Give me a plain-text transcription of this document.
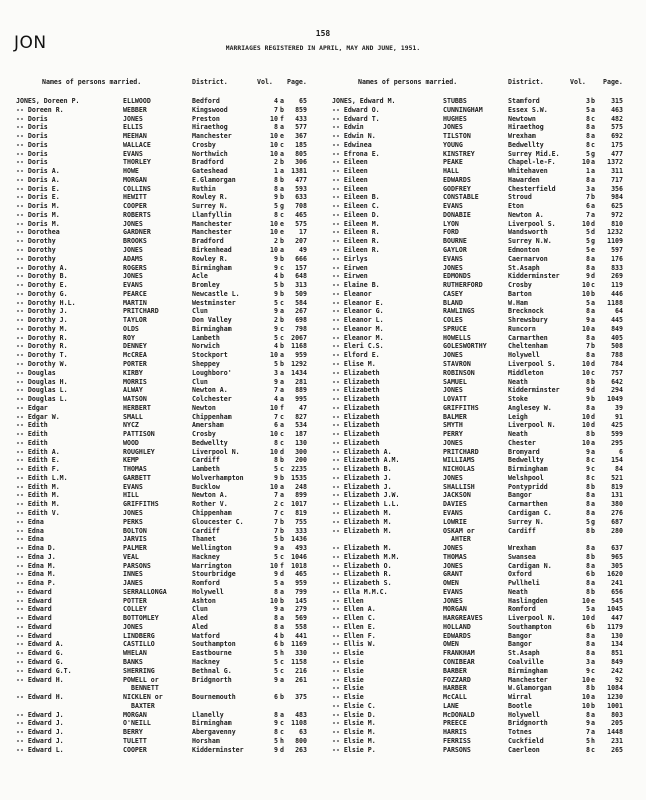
JON	158
MARRIAGES REGISTERED IN APRIL, MAY AND JUNE, 1951.
Names of persons married.	District.	Vol. Page.
JONES, Doreen P.	ELLWOOD	Bedford	4 a	65
-- Doreen R.	WEBBER	Kingswood	7 b	859
-- Doris	JONES	Preston	10 f	433
-- Doris	ELLIS	Hiraethog	8 a	577
-- Doris	MEEHAN	Manchester	10 e	367
-- Doris	WALLACE	Crosby	10 c	185
-- Doris	EVANS	Northwich	10 a	805
-- Doris	THORLEY	Bradford	2 b	306
-- Doris A.	HOWE	Gateshead	1 a	1381
-- Doris A.	MORGAN	E.Glamorgan	8 b	477
-- Doris E.	COLLINS	Ruthin	8 a	593
-- Doris E.	HEWITT	Rowley R.	9 b	633
-- Doris M.	COOPER	Surrey N.	5 g	708
-- Doris M.	ROBERTS	Llanfyllin	8 c	465
-- Doris M.	JONES	Manchester	10 e	575
-- Dorothea	GARDNER	Manchester	10 e	17
-- Dorothy	BROOKS	Bradford	2 b	207
-- Dorothy	JONES	Birkenhead	10 a	49
-- Dorothy	ADAMS	Rowley R.	9 b	666
-- Dorothy A.	ROGERS	Birmingham	9 c	157
-- Dorothy B.	JONES	Acle	4 b	648
-- Dorothy E.	EVANS	Bromley	5 b	313
-- Dorothy G.	PEARCE	Newcastle L.	9 b	509
-- Dorothy H.L.	MARTIN	Westminster	5 c	584
-- Dorothy J.	PRITCHARD	Clun	9 a	267
-- Dorothy J.	TAYLOR	Don Valley	2 b	698
-- Dorothy M.	OLDS	Birmingham	9 c	798
-- Dorothy R.	ROY	Lambeth	5 c	2067
-- Dorothy R.	DENNEY	Norwich	4 b	1168
-- Dorothy T.	McCREA	Stockport	10 a	959
-- Dorothy W.	PORTER	Sheppey	5 b	1292
-- Douglas	KIRBY	Loughboro'	3 a	1434
-- Douglas H.	MORRIS	Clun	9 a	281
-- Douglas L.	ALWAY	Newton A.	7 a	889
-- Douglas L.	WATSON	Colchester	4 a	995
-- Edgar	HERBERT	Newton	10 f	47
-- Edgar W.	SMALL	Chippenham	7 c	827
-- Edith	NYCZ	Amersham	6 a	534
-- Edith	PATTISON	Crosby	10 c	187
-- Edith	WOOD	Bedwellty	8 c	130
-- Edith A.	ROUGHLEY	Liverpool N.	10 d	300
-- Edith E.	KEMP	Cardiff	8 b	200
-- Edith F.	THOMAS	Lambeth	5 c	2235
-- Edith L.M.	GARBETT	Wolverhampton	9 b	1535
-- Edith M.	EVANS	Bucklow	10 a	248
-- Edith M.	HILL	Newton A.	7 a	899
-- Edith M.	GRIFFITHS	Rother V.	2 c	1017
-- Edith V.	JONES	Chippenham	7 c	819
-- Edna	PERKS	Gloucester C.	7 b	755
-- Edna	BOLTON	Cardiff	7 b	333
-- Edna	JARVIS	Thanet	5 b	1436
-- Edna D.	PALMER	Wellington	9 a	493
-- Edna J.	VEAL	Hackney	5 c	1046
-- Edna M.	PARSONS	Warrington	10 f	1018
-- Edna M.	INNES	Stourbridge	9 d	465
-- Edna P.	JANES	Romford	5 a	959
-- Edward	SERRALLONGA	Holywell	8 a	799
-- Edward	POTTER	Ashton	10 b	145
-- Edward	COLLEY	Clun	9 a	279
-- Edward	BOTTOMLEY	Aled	8 a	569
-- Edward	JONES	Aled	8 a	558
-- Edward	LINDBERG	Watford	4 b	441
-- Edward A.	CASTILLO	Southampton	6 b	1169
-- Edward G.	WHELAN	Eastbourne	5 h	330
-- Edward G.	BANKS	Hackney	5 c	1158
-- Edward G.T.	SHERRING	Bethnal G.	5 c	216
-- Edward H.	POWELL or
BENNETT
Bridgnorth	9 a	261
-- Edward H.	NICKLEN or
BAXTER
Bournemouth	6 b	375
-- Edward J.	MORGAN	Llanelly	8 a	483
-- Edward J.	O'NEILL	Birmingham	9 c	1108
-- Edward J.	BERRY	Abergavenny	8 c	63
-- Edward J.	TULETT	Horsham	5 h	800
-- Edward L.	COOPER	Kidderminster	9 d	263
Names of persons married.	District.	Vol.	Page.
JONES, Edward M.	STUBBS	Stamford	3 b	315
-- Edward O.	CUNNINGHAM	Essex S.W.	5 a	463
-- Edward T.	HUGHES	Newtown	8 c	482
-- Edwin	JONES	Hiraethog	8 a	575
-- Edwin N.	TILSTON	Wrexham	8 a	692
-- Edwinea	YOUNG	Bedwellty	8 c	175
-- Efrona E.	KINSTREY	Surrey Mid.E.	5 g	477
-- Eileen	PEAKE	Chapel-le-F.	10 a	1372
-- Eileen	HALL	Whitehaven	1 a	311
-- Eileen	EDWARDS	Hawarden	8 a	717
-- Eileen	GODFREY	Chesterfield	3 a	356
-- Eileen B.	CONSTABLE	Stroud	7 b	984
-- Eileen C.	EVANS	Eton	6 a	625
-- Eileen D.	DONABIE	Newton A.	7 a	972
-- Eileen M.	LYON	Liverpool S.	10 d	810
-- Eileen R.	FORD	Wandsworth	5 d	1232
-- Eileen R.	BOURNE	Surrey N.W.	5 g	1109
-- Eileen R.	GAYLOR	Edmonton	5 e	597
-- Eirlys	EVANS	Caernarvon	8 a	176
-- Eirwen	JONES	St.Asaph	8 a	833
-- Eirwen	EDMONDS	Kidderminster	9 d	269
-- Elaine B.	RUTHERFORD	Crosby	10 c	119
-- Eleanor	CASEY	Barton	10 b	446
-- Eleanor E.	BLAND	W.Ham	5 a	1188
-- Eleanor G.	RAWLINGS	Brecknock	8 a	64
-- Eleanor L.	COLES	Shrewsbury	9 a	445
-- Eleanor M.	SPRUCE	Runcorn	10 a	849
-- Eleanor M.	HOWELLS	Carmarthen	8 a	405
-- Eleri C.S.	GOLESWORTHY	Cheltenham	7 b	508
-- Elford E.	JONES	Holywell	8 a	788
-- Elise M.	STAVRON	Liverpool S.	10 d	784
-- Elizabeth	ROBINSON	Middleton	10 c	757
-- Elizabeth	SAMUEL	Neath	8 b	642
-- Elizabeth	JONES	Kidderminster	9 d	294
-- Elizabeth	LOVATT	Stoke	9 b	1049
-- Elizabeth	GRIFFITHS	Anglesey W.	8 a	39
-- Elizabeth	BALMER	Leigh	10 d	91
-- Elizabeth	SMYTH	Liverpool N.	10 d	425
-- Elizabeth	PERRY	Neath	8 b	599
-- Elizabeth	JONES	Chester	10 a	295
-- Elizabeth A.	PRITCHARD	Bromyard	9 a	6
-- Elizabeth A.M.	WILLIAMS	Bedwellty	8 c	154
-- Elizabeth B.	NICHOLAS	Birmingham	9 c	84
-- Elizabeth J.	JONES	Welshpool	8 c	521
-- Elizabeth J.	SHALLISH	Pontypridd	8 b	819
-- Elizabeth J.W.	JACKSON	Bangor	8 a	131
-- Elizabeth L.L.	DAVIES	Carmarthen	8 a	380
-- Elizabeth M.	EVANS	Cardigan C.	8 a	276
-- Elizabeth M.	LOWRIE	Surrey N.	5 g	687
-- Elizabeth M.	OSKAM or
AHTER
Cardiff	8 b	280
-- Elizabeth M.	JONES	Wrexham	8 a	637
-- Elizabeth M.M.	THOMAS	Swansea	8 b	965
-- Elizabeth O.	JONES	Cardigan N.	8 a	305
-- Elizabeth R.	GRANT	Oxford	6 b	1620
-- Elizabeth S.	OWEN	Pwllheli	8 a	241
-- Ella M.M.C.	EVANS	Neath	8 b	656
-- Ellen	JONES	Haslingden	10 e	545
-- Ellen A.	MORGAN	Romford	5 a	1045
-- Ellen C.	HARGREAVES	Liverpool N.	10 d	447
-- Ellen E.	HOLLAND	Southampton	6 b	1179
-- Ellen F.	EDWARDS	Bangor	8 a	130
-- Ellis W.	OWEN	Bangor	8 a	134
-- Elsie	FRANKHAM	St.Asaph	8 a	851
-- Elsie	CONIBEAR	Coalville	3 a	849
-- Elsie	BARBER	Birmingham	9 c	242
-- Elsie	FOZZARD	Manchester	10 e	92
-- Elsie	HARBER	W.Glamorgan	8 b	1084
-- Elsie	McCALL	Wirral	10 a	1230
-- Elsie C.	LANE	Bootle	10 b	1001
-- Elsie D.	McDONALD	Holywell	8 a	803
-- Elsie M.	PREECE	Bridgnorth	9 a	205
-- Elsie M.	HARRIS	Totnes	7 a	1448
-- Elsie M.	FERRISS	Cuckfield	5 h	231
-- Elsie P.	PARSONS	Caerleon	8 c	265
